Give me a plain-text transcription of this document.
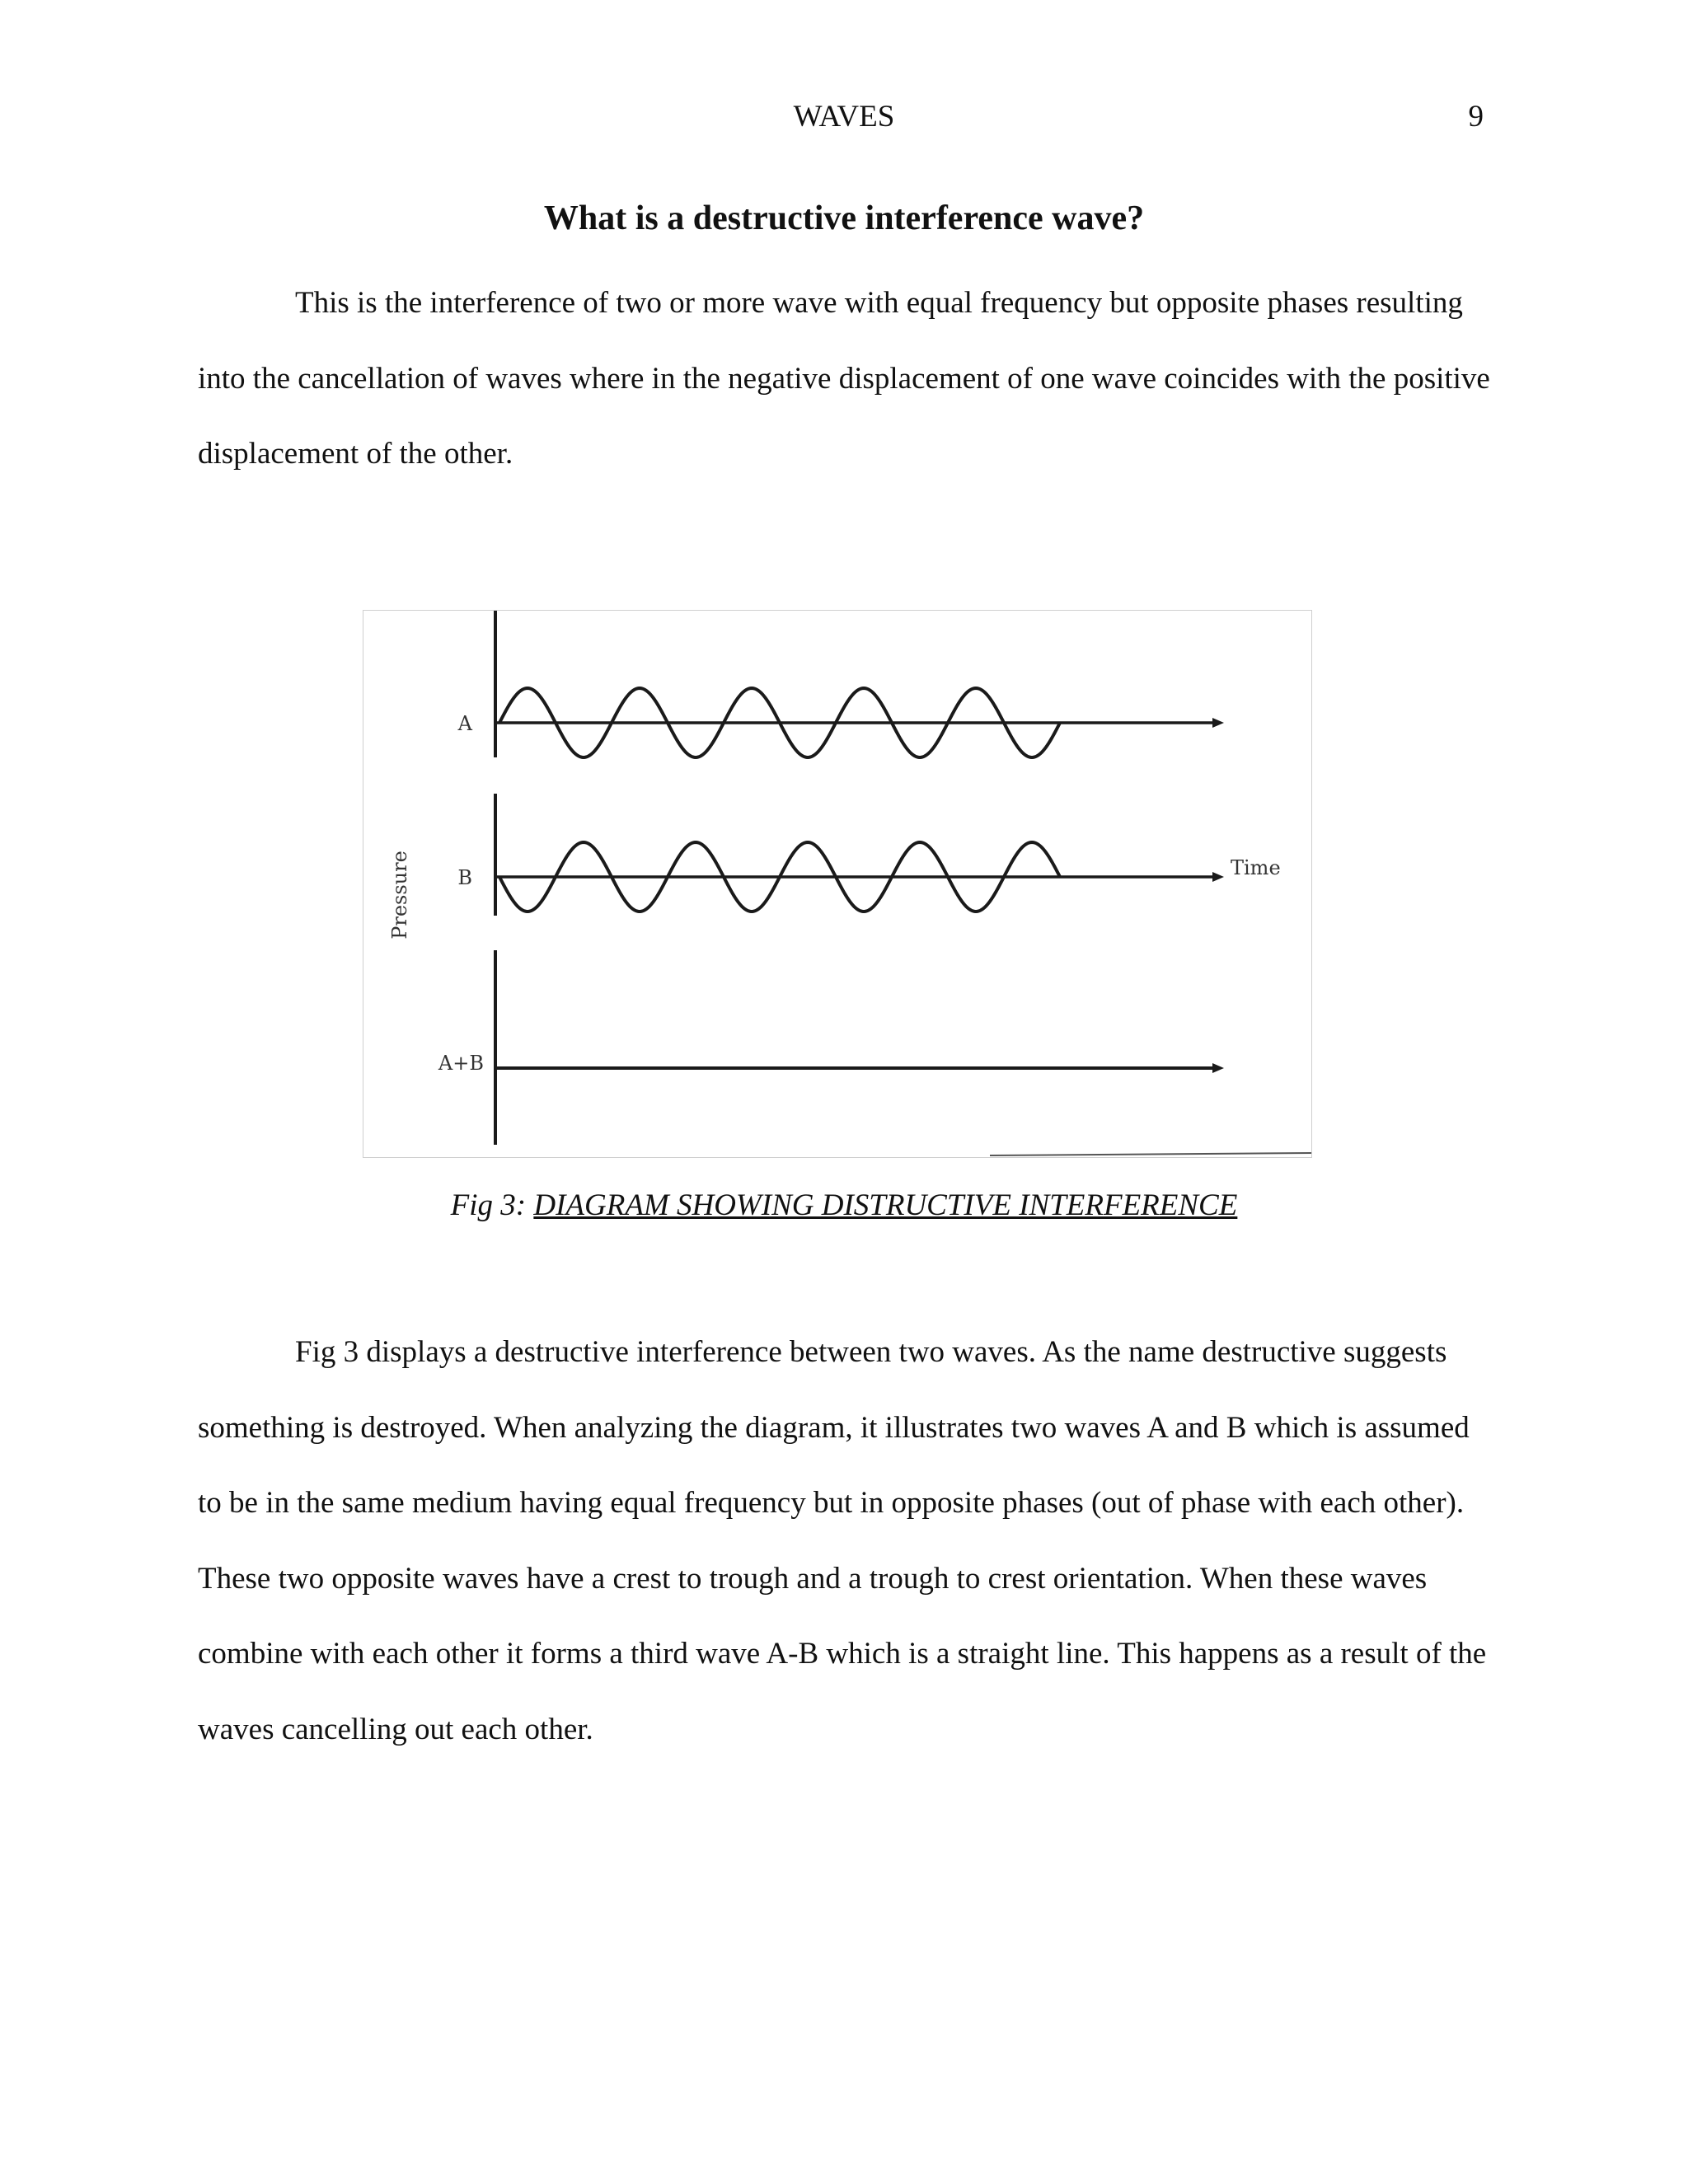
WAVES	9
What is a destructive interference wave?

This is the interference of two or more wave with equal frequency but opposite phases resulting into the cancellation of waves where in the negative displacement of one wave coincides with the positive displacement of the other.

Pressure
A
B
A+B
Time
Fig 3: DIAGRAM SHOWING DISTRUCTIVE INTERFERENCE

Fig 3 displays a destructive interference between two waves. As the name destructive suggests something is destroyed. When analyzing the diagram, it illustrates two waves A and B which is assumed to be in the same medium having equal frequency but in opposite phases (out of phase with each other). These two opposite waves have a crest to trough and a trough to crest orientation. When these waves combine with each other it forms a third wave A-B which is a straight line. This happens as a result of the waves cancelling out each other.
